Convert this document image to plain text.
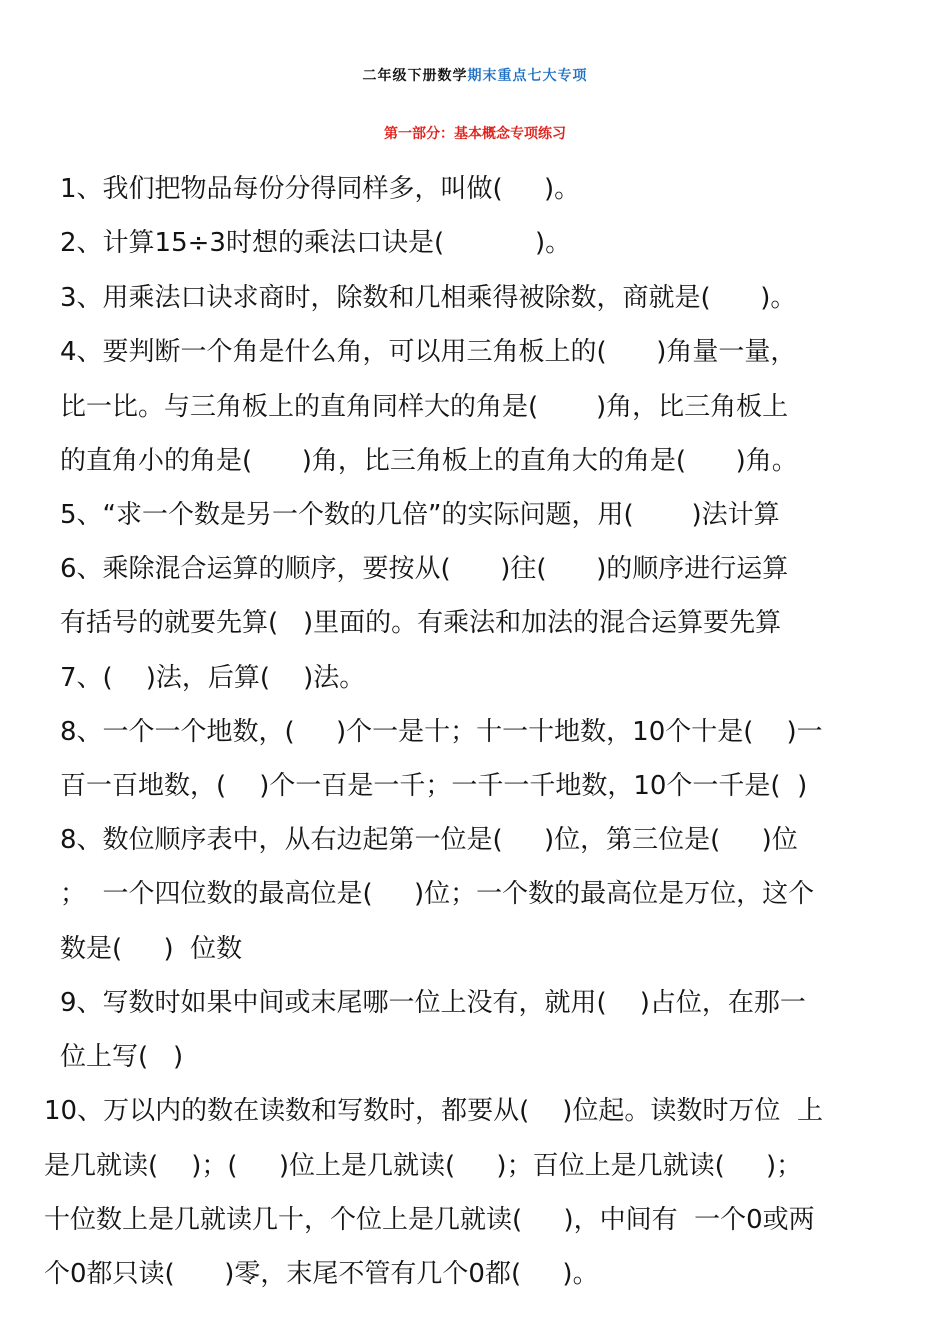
二年级下册数学期末重点七大专项
第一部分：基本概念专项练习
1、我们把物品每份分得同样多，叫做(     )。
2、计算15÷3时想的乘法口诀是(           )。
3、用乘法口诀求商时，除数和几相乘得被除数，商就是(      )。
4、要判断一个角是什么角，可以用三角板上的(      )角量一量，
比一比。与三角板上的直角同样大的角是(       )角，比三角板上
的直角小的角是(      )角，比三角板上的直角大的角是(      )角。
5、“求一个数是另一个数的几倍”的实际问题，用(       )法计算
6、乘除混合运算的顺序，要按从(      )往(      )的顺序进行运算
有括号的就要先算(   )里面的。有乘法和加法的混合运算要先算
7、(    )法，后算(    )法。
8、一个一个地数，(     )个一是十；十一十地数，10个十是(    )一
百一百地数，(    )个一百是一千；一千一千地数，10个一千是(  )
8、数位顺序表中，从右边起第一位是(     )位，第三位是(     )位
；  一个四位数的最高位是(     )位；一个数的最高位是万位，这个
数是(     )  位数
9、写数时如果中间或末尾哪一位上没有，就用(    )占位，在那一
位上写(   )
10、万以内的数在读数和写数时，都要从(    )位起。读数时万位  上
是几就读(    )；(     )位上是几就读(     )；百位上是几就读(     )；
十位数上是几就读几十，个位上是几就读(     )，中间有  一个0或两
个0都只读(      )零，末尾不管有几个0都(     )。
